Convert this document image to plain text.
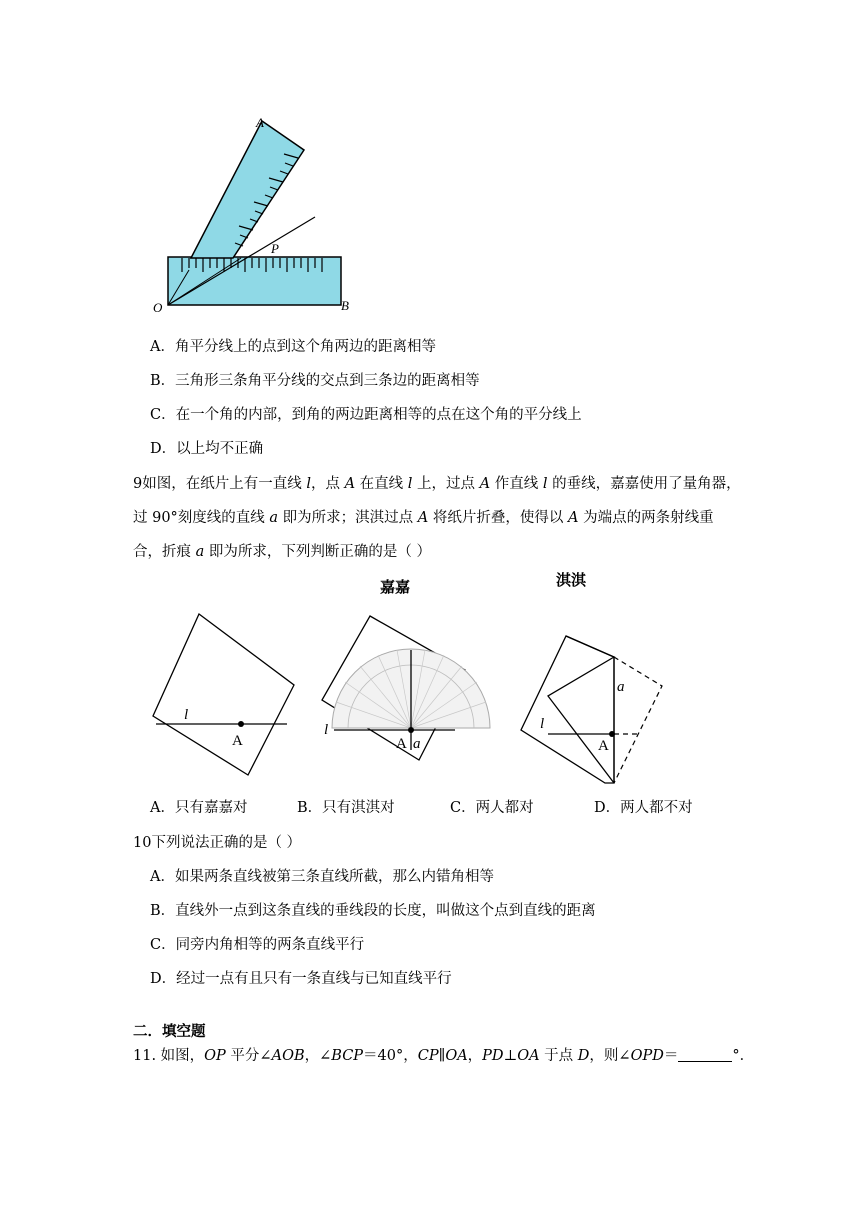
A
P
O	B
A．角平分线上的点到这个角两边的距离相等
B．三角形三条角平分线的交点到三条边的距离相等
C．在一个角的内部，到角的两边距离相等的点在这个角的平分线上
D．以上均不正确
9如图，在纸片上有一直线 l，点 A 在直线 l 上，过点 A 作直线 l 的垂线，嘉嘉使用了量角器，
过 90°刻度线的直线 a 即为所求；淇淇过点 A 将纸片折叠，使得以 A 为端点的两条射线重
合，折痕 a 即为所求，下列判断正确的是（ ）
嘉嘉	淇淇
l
A
l
A a
l
A
a
A．只有嘉嘉对	B．只有淇淇对	C．两人都对	D．两人都不对
10下列说法正确的是（ ）
A．如果两条直线被第三条直线所截，那么内错角相等
B．直线外一点到这条直线的垂线段的长度，叫做这个点到直线的距离
C．同旁内角相等的两条直线平行
D．经过一点有且只有一条直线与已知直线平行
二．填空题
11. 如图，OP 平分∠AOB，∠BCP＝40°，CP∥OA，PD⊥OA 于点 D，则∠OPD＝	°．
